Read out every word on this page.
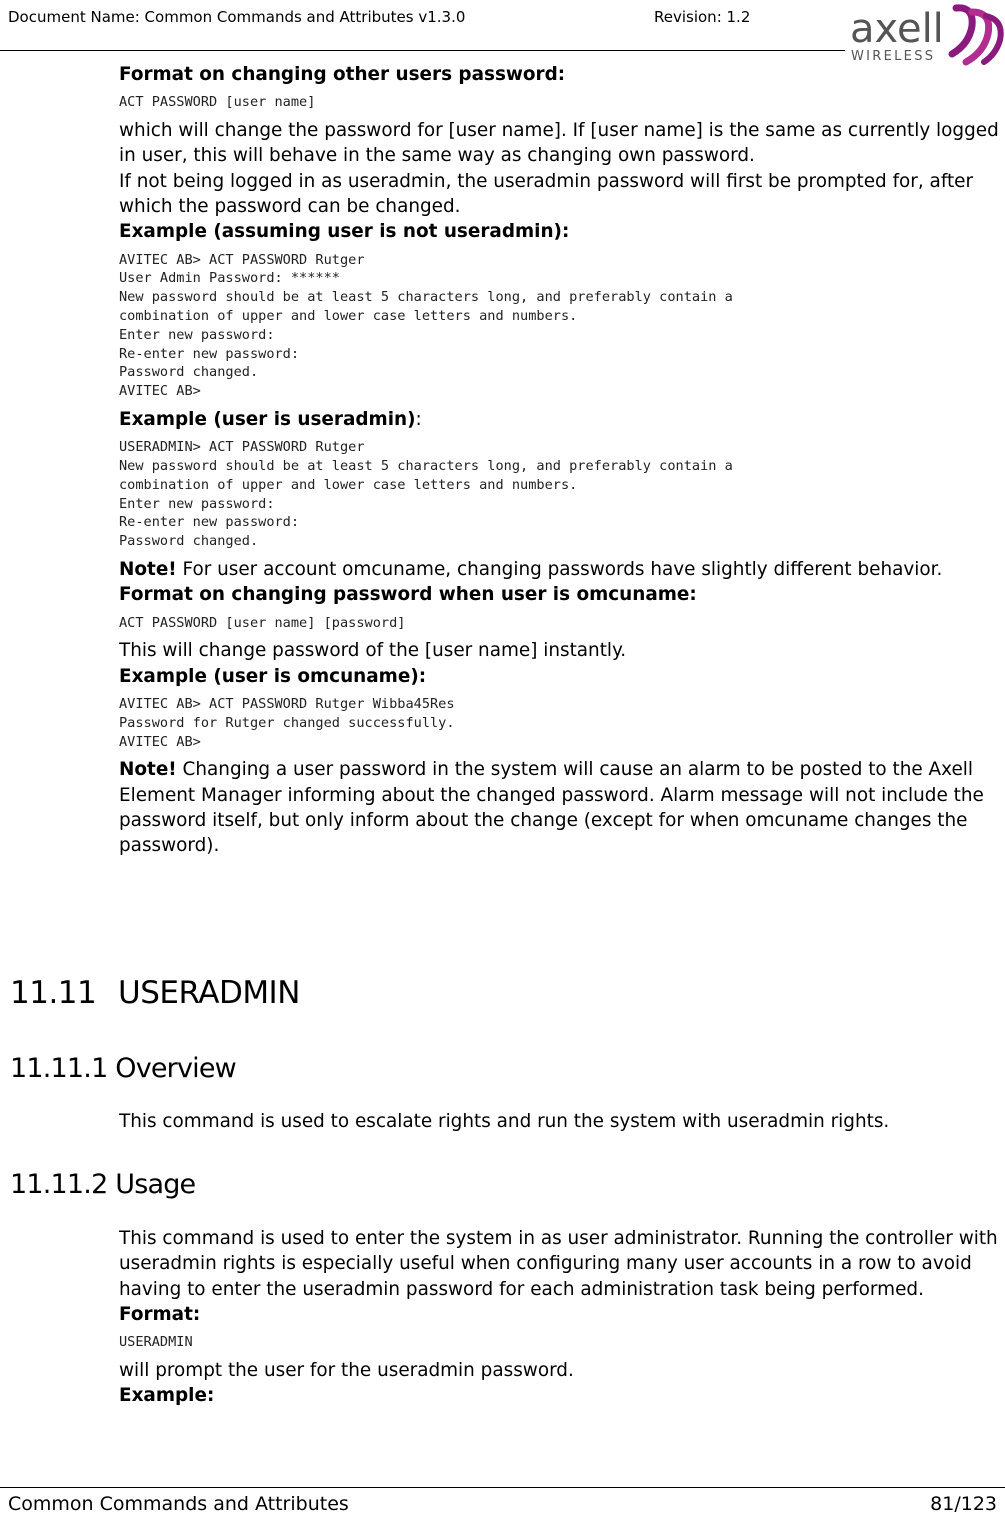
Document Name: Common Commands and Attributes v1.3.0	Revision: 1.2 axell
WIRELESS

Format on changing other users password:

ACT PASSWORD [user name]

which will change the password for [user name]. If [user name] is the same as currently logged in user, this will behave in the same way as changing own password.

If not being logged in as useradmin, the useradmin password will first be prompted for, after which the password can be changed.

Example (assuming user is not useradmin):

AVITEC AB> ACT PASSWORD Rutger
User Admin Password: ******
New password should be at least 5 characters long, and preferably contain a
combination of upper and lower case letters and numbers.
Enter new password:
Re-enter new password:
Password changed.
AVITEC AB>

Example (user is useradmin):

USERADMIN> ACT PASSWORD Rutger
New password should be at least 5 characters long, and preferably contain a
combination of upper and lower case letters and numbers.
Enter new password:
Re-enter new password:
Password changed.

Note! For user account omcuname, changing passwords have slightly different behavior.

Format on changing password when user is omcuname:

ACT PASSWORD [user name] [password]

This will change password of the [user name] instantly.

Example (user is omcuname):

AVITEC AB> ACT PASSWORD Rutger Wibba45Res
Password for Rutger changed successfully.
AVITEC AB>

Note! Changing a user password in the system will cause an alarm to be posted to the Axell Element Manager informing about the changed password. Alarm message will not include the password itself, but only inform about the change (except for when omcuname changes the password).

11.11 USERADMIN
11.11.1 Overview

This command is used to escalate rights and run the system with useradmin rights.

11.11.2 Usage

This command is used to enter the system in as user administrator. Running the controller with useradmin rights is especially useful when configuring many user accounts in a row to avoid having to enter the useradmin password for each administration task being performed.

Format:

USERADMIN

will prompt the user for the useradmin password.

Example:

Common Commands and Attributes	81/123
